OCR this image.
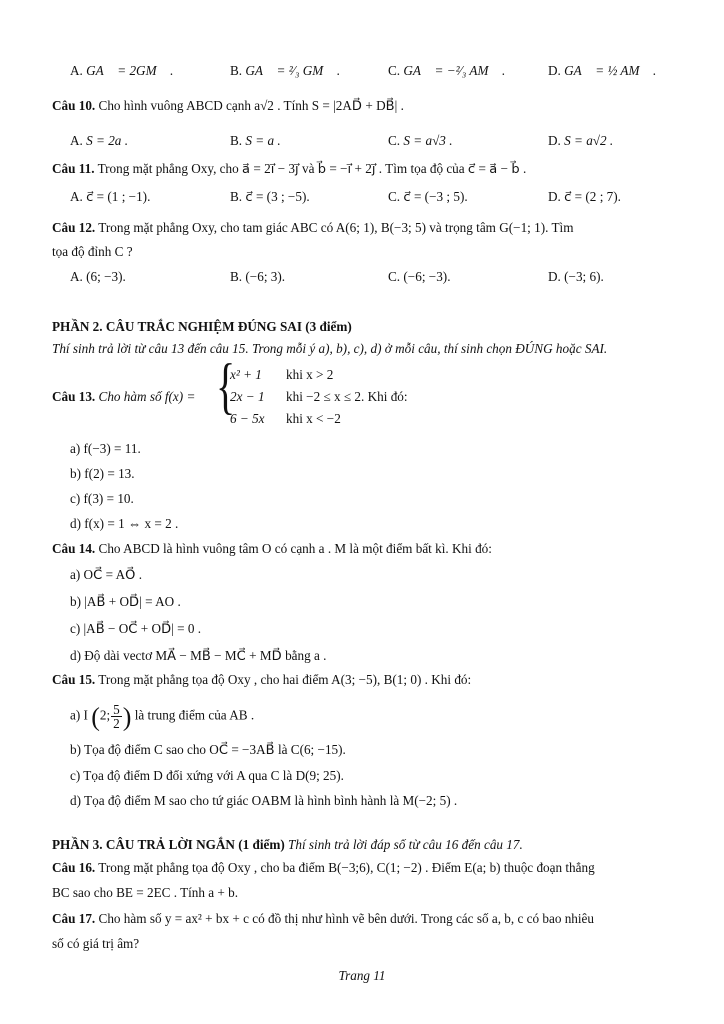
A. GA⃗ = 2GM⃗ .	B. GA⃗ = ²⁄₃ GM⃗ .	C. GA⃗ = −²⁄₃ AM⃗ .	D. GA⃗ = ½ AM⃗ .
Câu 10. Cho hình vuông ABCD cạnh a√2 . Tính S = |2AD⃗ + DB⃗| .
A. S = 2a .	B. S = a .	C. S = a√3 .	D. S = a√2 .
Câu 11. Trong mặt phẳng Oxy, cho a⃗ = 2i⃗ − 3j⃗ và b⃗ = −i⃗ + 2j⃗ . Tìm tọa độ của c⃗ = a⃗ − b⃗ .
A. c⃗ = (1 ; −1).	B. c⃗ = (3 ; −5).	C. c⃗ = (−3 ; 5).	D. c⃗ = (2 ; 7).
Câu 12. Trong mặt phẳng Oxy, cho tam giác ABC có A(6; 1), B(−3; 5) và trọng tâm G(−1; 1). Tìm
tọa độ đỉnh C ?
A. (6; −3).	B. (−6; 3).	C. (−6; −3).	D. (−3; 6).
PHẦN 2. CÂU TRẮC NGHIỆM ĐÚNG SAI (3 điểm)
Thí sinh trả lời từ câu 13 đến câu 15. Trong mỗi ý a), b), c), d) ở mỗi câu, thí sinh chọn ĐÚNG hoặc SAI.
Câu 13. Cho hàm số f(x) = {
x² + 1 khi x > 2
2x − 1 khi −2 ≤ x ≤ 2. Khi đó:
6 − 5x khi x < −2
a) f(−3) = 11.
b) f(2) = 13.
c) f(3) = 10.
d) f(x) = 1 ⇔ x = 2 .
Câu 14. Cho ABCD là hình vuông tâm O có cạnh a . M là một điểm bất kì. Khi đó:
a) OC⃗ = AO⃗ .
b) |AB⃗ + OD⃗| = AO .
c) |AB⃗ − OC⃗ + OD⃗| = 0 .
d) Độ dài vectơ MA⃗ − MB⃗ − MC⃗ + MD⃗ bằng a .
Câu 15. Trong mặt phẳng tọa độ Oxy , cho hai điểm A(3; −5), B(1; 0) . Khi đó:
a) I (2; $\frac{5}{2}$ ) là trung điểm của AB .
b) Tọa độ điểm C sao cho OC⃗ = −3AB⃗ là C(6; −15).
c) Tọa độ điểm D đối xứng với A qua C là D(9; 25).
d) Tọa độ điểm M sao cho tứ giác OABM là hình bình hành là M(−2; 5) .
PHẦN 3. CÂU TRẢ LỜI NGẮN (1 điểm) Thí sinh trả lời đáp số từ câu 16 đến câu 17.
Câu 16. Trong mặt phẳng tọa độ Oxy , cho ba điểm B(−3;6), C(1; −2) . Điểm E(a; b) thuộc đoạn thẳng
BC sao cho BE = 2EC . Tính a + b.
Câu 17. Cho hàm số y = ax² + bx + c có đồ thị như hình vẽ bên dưới. Trong các số a, b, c có bao nhiêu
số có giá trị âm?
Trang 11
